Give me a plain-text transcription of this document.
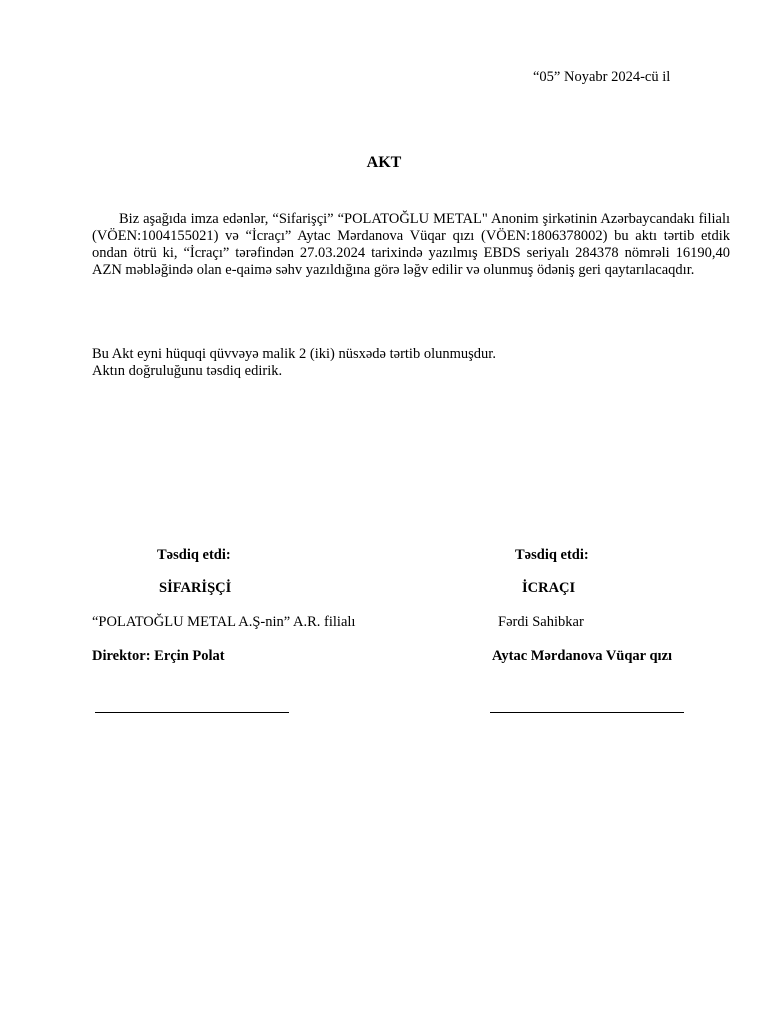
“05” Noyabr 2024-cü il
AKT
Biz aşağıda imza edənlər, “Sifarişçi” “POLATOĞLU METAL" Anonim şirkətinin Azərbaycandakı filialı (VÖEN:1004155021) və “İcraçı” Aytac Mərdanova Vüqar qızı (VÖEN:1806378002) bu aktı tərtib etdik ondan ötrü ki, “İcraçı” tərəfindən 27.03.2024 tarixində yazılmış EBDS seriyalı 284378 nömrəli 16190,40 AZN məbləğində olan e-qaimə səhv yazıldığına görə ləğv edilir və olunmuş ödəniş geri qaytarılacaqdır.
Bu Akt eyni hüquqi qüvvəyə malik 2 (iki) nüsxədə tərtib olunmuşdur.
Aktın doğruluğunu təsdiq edirik.
Təsdiq etdi:
SİFARİŞÇİ
“POLATOĞLU METAL A.Ş-nin” A.R. filialı
Direktor: Erçin Polat
Təsdiq etdi:
İCRAÇI
Fərdi Sahibkar
Aytac Mərdanova Vüqar qızı
